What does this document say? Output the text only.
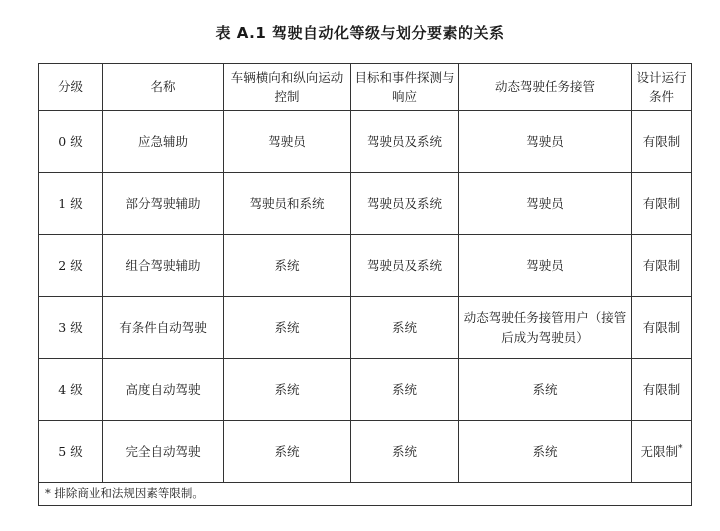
表 A.1 驾驶自动化等级与划分要素的关系
分级	名称	车辆横向和纵向运动控制	目标和事件探测与响应	动态驾驶任务接管	设计运行条件
0 级	应急辅助	驾驶员	驾驶员及系统	驾驶员	有限制
1 级	部分驾驶辅助	驾驶员和系统	驾驶员及系统	驾驶员	有限制
2 级	组合驾驶辅助	系统	驾驶员及系统	驾驶员	有限制
3 级	有条件自动驾驶	系统	系统	动态驾驶任务接管用户（接管后成为驾驶员）	有限制
4 级	高度自动驾驶	系统	系统	系统	有限制
5 级	完全自动驾驶	系统	系统	系统	无限制*
* 排除商业和法规因素等限制。					
